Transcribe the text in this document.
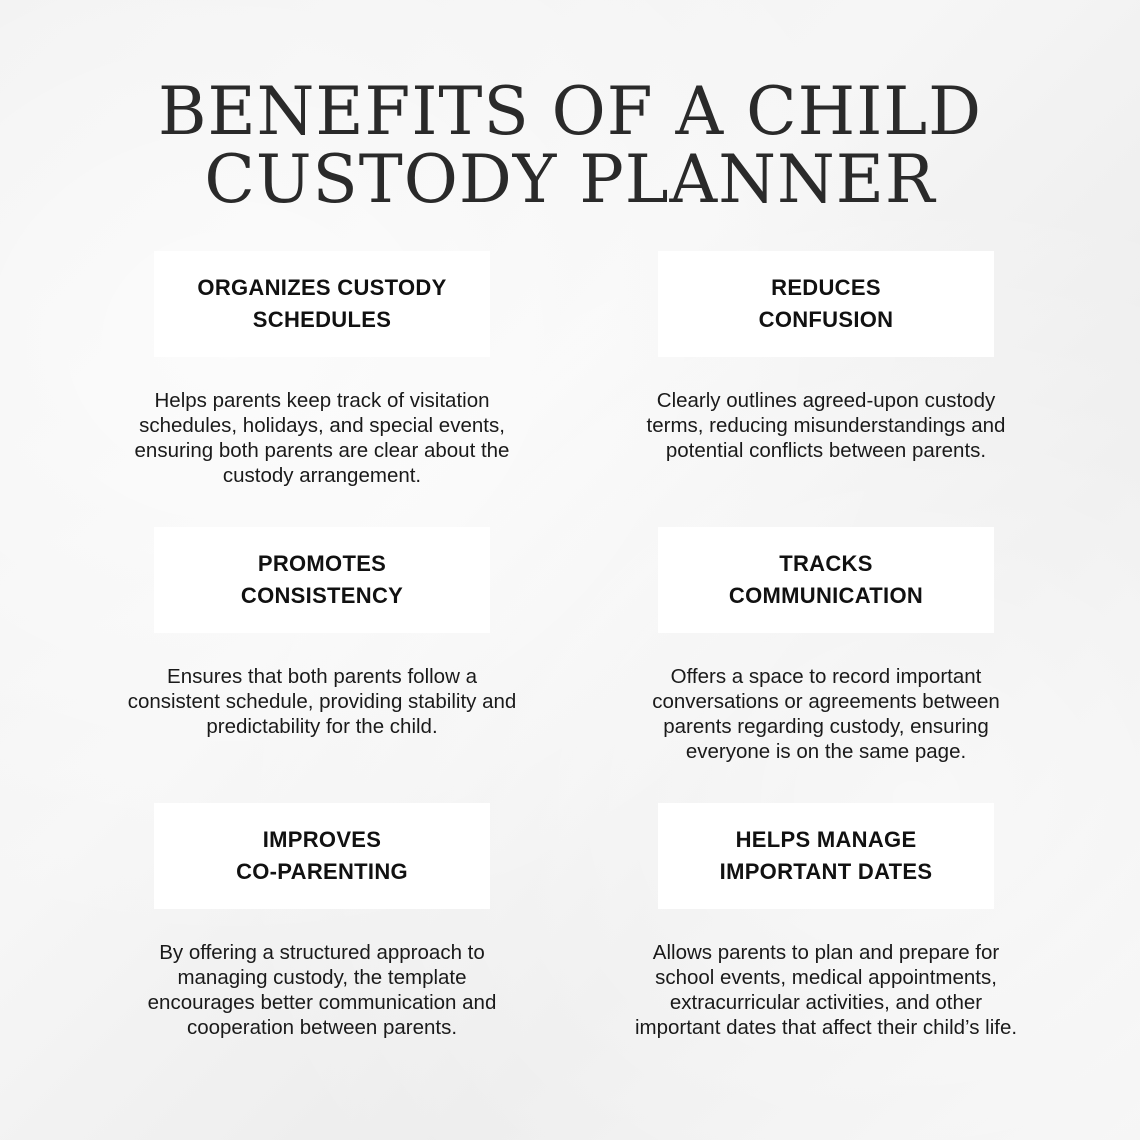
BENEFITS OF A CHILD
CUSTODY PLANNER
ORGANIZES CUSTODY
SCHEDULES
Helps parents keep track of visitation
schedules, holidays, and special events,
ensuring both parents are clear about the
custody arrangement.
REDUCES
CONFUSION
Clearly outlines agreed-upon custody
terms, reducing misunderstandings and
potential conflicts between parents.
PROMOTES
CONSISTENCY
Ensures that both parents follow a
consistent schedule, providing stability and
predictability for the child.
TRACKS
COMMUNICATION
Offers a space to record important
conversations or agreements between
parents regarding custody, ensuring
everyone is on the same page.
IMPROVES
CO-PARENTING
By offering a structured approach to
managing custody, the template
encourages better communication and
cooperation between parents.
HELPS MANAGE
IMPORTANT DATES
Allows parents to plan and prepare for
school events, medical appointments,
extracurricular activities, and other
important dates that affect their child’s life.
